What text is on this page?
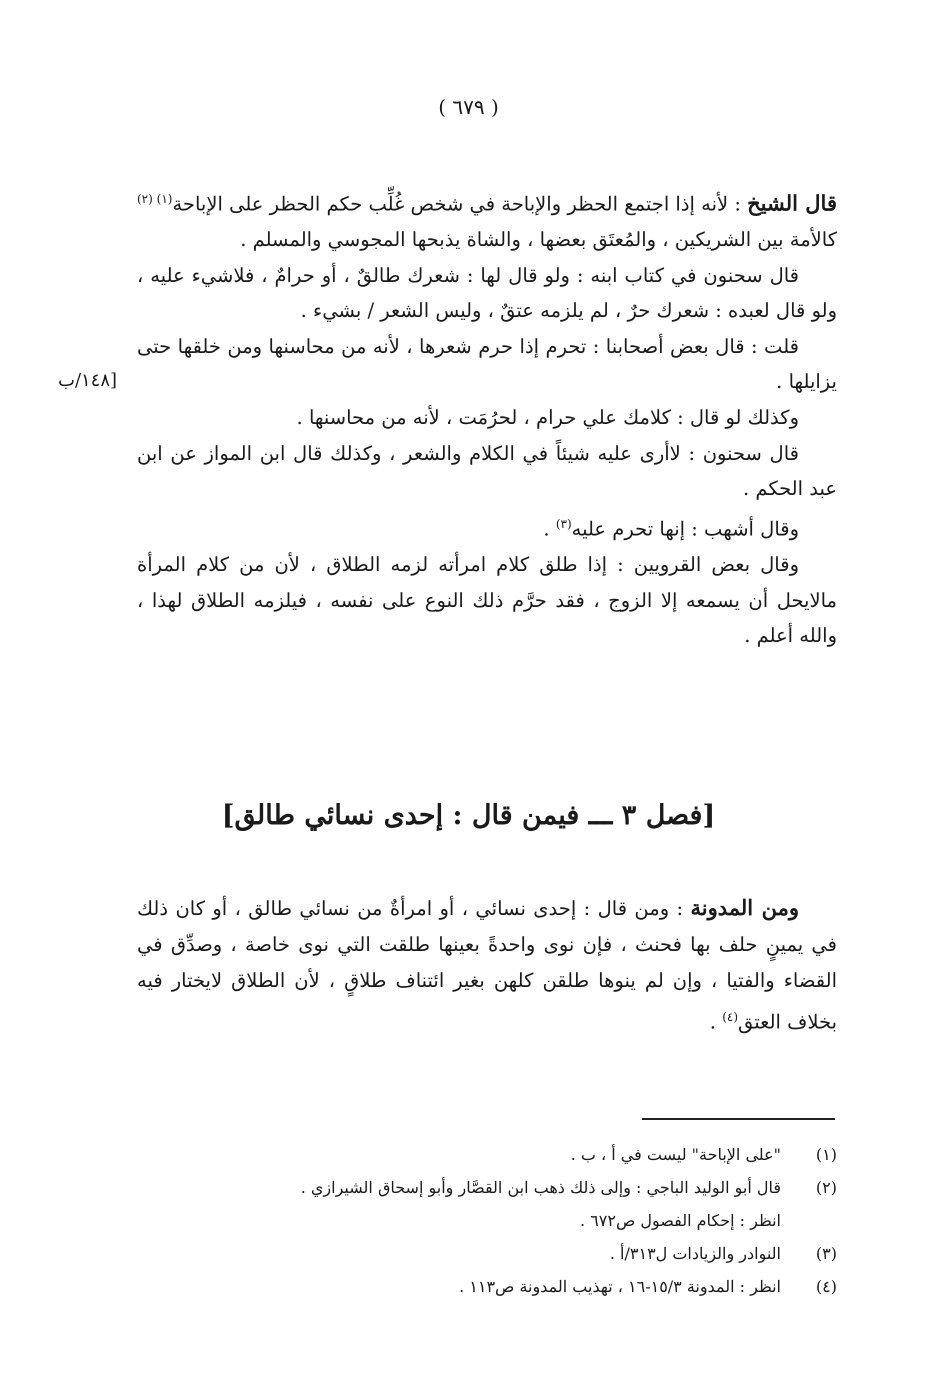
( ٦٧٩ )
[١٤٨/ب

قال الشيخ : لأنه إذا اجتمع الحظر والإباحة في شخص غُلِّب حكم الحظر على الإباحة$^{(١) (٢)}$ كالأمة بين الشريكين ، والمُعتَق بعضها ، والشاة يذبحها المجوسي والمسلم .

قال سحنون في كتاب ابنه : ولو قال لها : شعرك طالقٌ ، أو حرامٌ ، فلاشيء عليه ، ولو قال لعبده : شعرك حرٌ ، لم يلزمه عتقٌ ، وليس الشعر / بشيء .

قلت : قال بعض أصحابنا : تحرم إذا حرم شعرها ، لأنه من محاسنها ومن خلقها حتى يزايلها .

وكذلك لو قال : كلامك علي حرام ، لحرُمَت ، لأنه من محاسنها .

قال سحنون : لاأرى عليه شيئاً في الكلام والشعر ، وكذلك قال ابن المواز عن ابن عبد الحكم .

وقال أشهب : إنها تحرم عليه$^{(٣)}$ .

وقال بعض القرويين : إذا طلق كلام امرأته لزمه الطلاق ، لأن من كلام المرأة مالايحل أن يسمعه إلا الزوج ، فقد حرَّم ذلك النوع على نفسه ، فيلزمه الطلاق لهذا ، والله أعلم .

[فصل ٣ ـــ فيمن قال : إحدى نسائي طالق]

ومن المدونة : ومن قال : إحدى نسائي ، أو امرأةٌ من نسائي طالق ، أو كان ذلك في يمينٍ حلف بها فحنث ، فإن نوى واحدةً بعينها طلقت التي نوى خاصة ، وصدِّق في القضاء والفتيا ، وإن لم ينوها طلقن كلهن بغير ائتناف طلاقٍ ، لأن الطلاق لايختار فيه بخلاف العتق$^{(٤)}$ .

(١)
"على الإباحة" ليست في أ ، ب .
(٢)
قال أبو الوليد الباجي : وإلى ذلك ذهب ابن القصَّار وأبو إسحاق الشيرازي .
انظر : إحكام الفصول ص٦٧٢ .
(٣)
النوادر والزيادات ل٣١٣/أ .
(٤)
انظر : المدونة ١٥/٣-١٦ ، تهذيب المدونة ص١١٣ .
